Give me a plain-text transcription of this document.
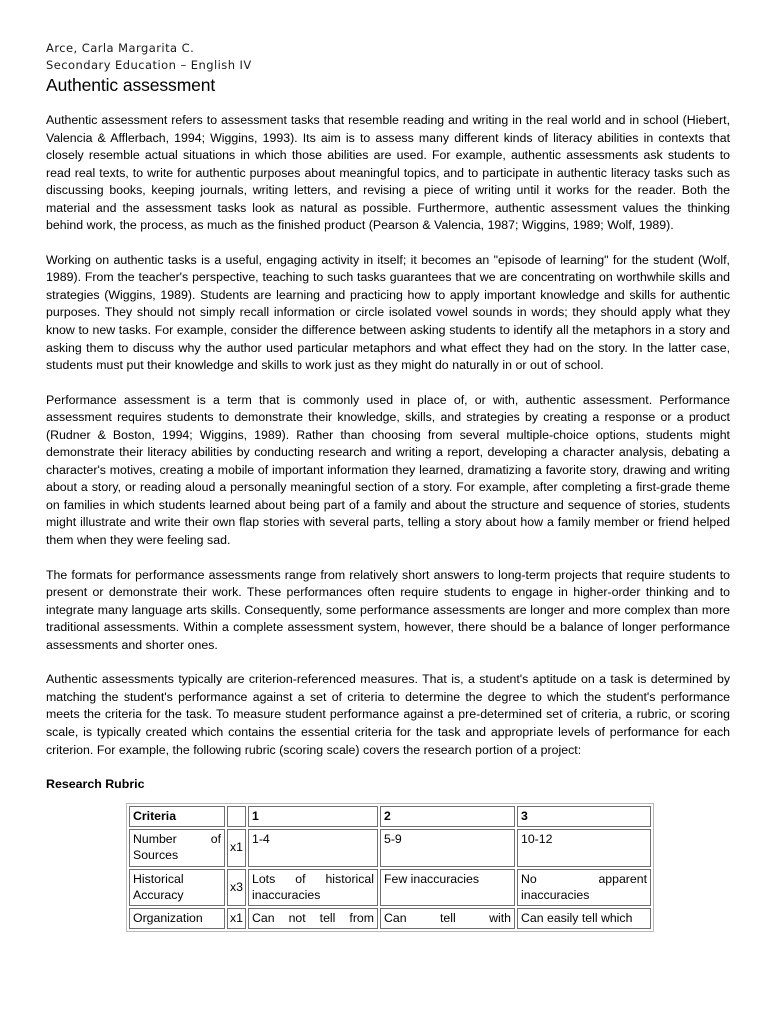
Arce, Carla Margarita C.
Secondary Education – English IV
Authentic assessment

Authentic assessment refers to assessment tasks that resemble reading and writing in the real world and in school (Hiebert, Valencia & Afflerbach, 1994; Wiggins, 1993). Its aim is to assess many different kinds of literacy abilities in contexts that closely resemble actual situations in which those abilities are used. For example, authentic assessments ask students to read real texts, to write for authentic purposes about meaningful topics, and to participate in authentic literacy tasks such as discussing books, keeping journals, writing letters, and revising a piece of writing until it works for the reader. Both the material and the assessment tasks look as natural as possible. Furthermore, authentic assessment values the thinking behind work, the process, as much as the finished product (Pearson & Valencia, 1987; Wiggins, 1989; Wolf, 1989).

Working on authentic tasks is a useful, engaging activity in itself; it becomes an "episode of learning" for the student (Wolf, 1989). From the teacher's perspective, teaching to such tasks guarantees that we are concentrating on worthwhile skills and strategies (Wiggins, 1989). Students are learning and practicing how to apply important knowledge and skills for authentic purposes. They should not simply recall information or circle isolated vowel sounds in words; they should apply what they know to new tasks. For example, consider the difference between asking students to identify all the metaphors in a story and asking them to discuss why the author used particular metaphors and what effect they had on the story. In the latter case, students must put their knowledge and skills to work just as they might do naturally in or out of school.

Performance assessment is a term that is commonly used in place of, or with, authentic assessment. Performance assessment requires students to demonstrate their knowledge, skills, and strategies by creating a response or a product (Rudner & Boston, 1994; Wiggins, 1989). Rather than choosing from several multiple-choice options, students might demonstrate their literacy abilities by conducting research and writing a report, developing a character analysis, debating a character's motives, creating a mobile of important information they learned, dramatizing a favorite story, drawing and writing about a story, or reading aloud a personally meaningful section of a story. For example, after completing a first-grade theme on families in which students learned about being part of a family and about the structure and sequence of stories, students might illustrate and write their own flap stories with several parts, telling a story about how a family member or friend helped them when they were feeling sad.

The formats for performance assessments range from relatively short answers to long-term projects that require students to present or demonstrate their work. These performances often require students to engage in higher-order thinking and to integrate many language arts skills. Consequently, some performance assessments are longer and more complex than more traditional assessments. Within a complete assessment system, however, there should be a balance of longer performance assessments and shorter ones.

Authentic assessments typically are criterion-referenced measures. That is, a student's aptitude on a task is determined by matching the student's performance against a set of criteria to determine the degree to which the student's performance meets the criteria for the task. To measure student performance against a pre-determined set of criteria, a rubric, or scoring scale, is typically created which contains the essential criteria for the task and appropriate levels of performance for each criterion. For example, the following rubric (scoring scale) covers the research portion of a project:

Research Rubric
Criteria		1	2	3
Number of Sources	x1	1-4	5-9	10-12
Historical Accuracy	x3	Lots of historical inaccuracies	Few inaccuracies	No apparent inaccuracies
Organization	x1	Can not tell from	Can tell with	Can easily tell which
